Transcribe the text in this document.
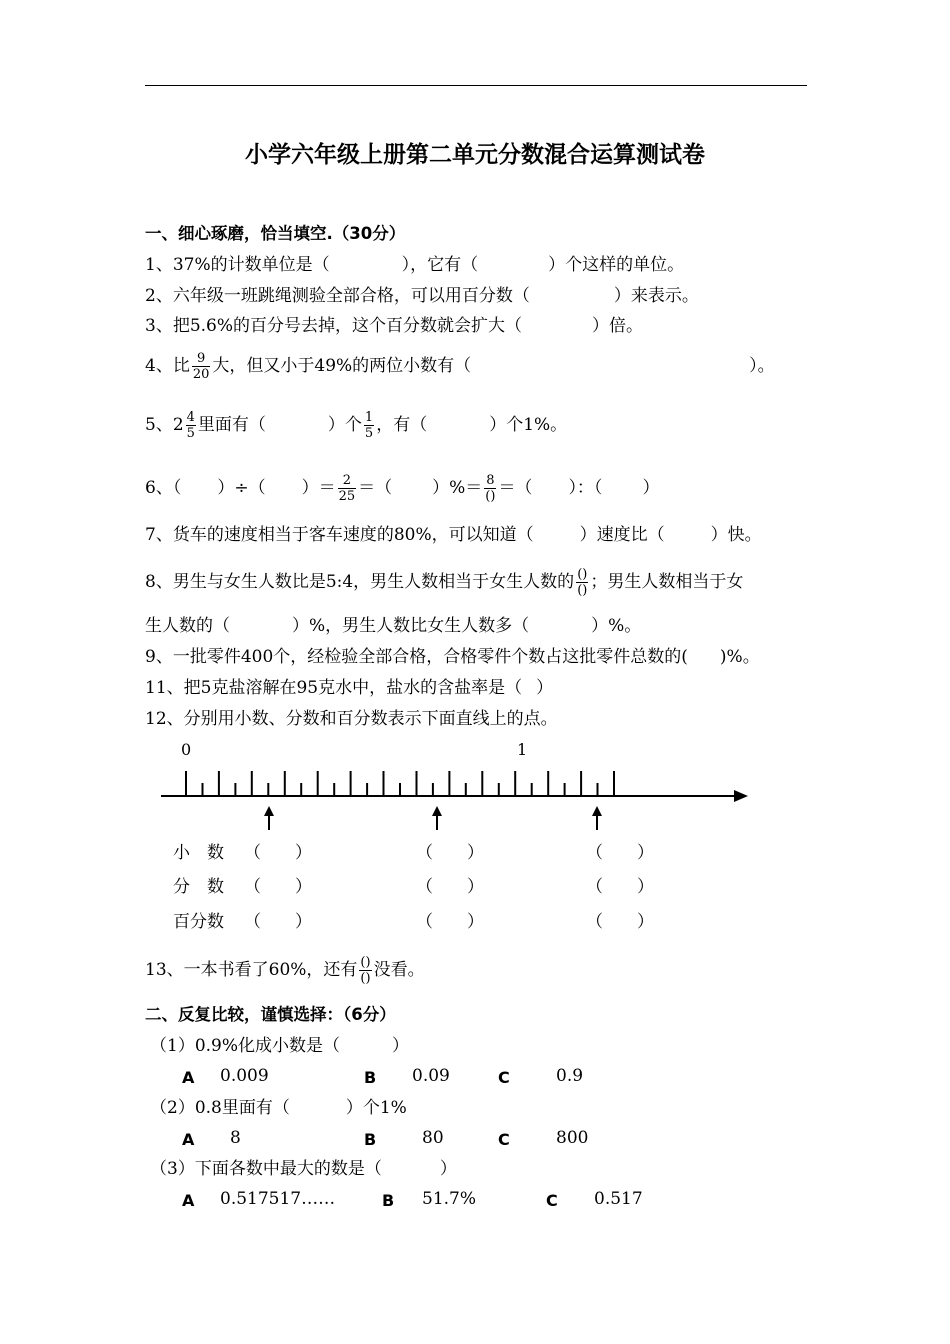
小学六年级上册第二单元分数混合运算测试卷
一、细心琢磨，恰当填空.（30分）
1、37%的计数单位是（	），它有（	）个这样的单位。
2、六年级一班跳绳测验全部合格，可以用百分数（	）来表示。
3、把5.6%的百分号去掉，这个百分数就会扩大（	）倍。
4、比 $\frac{9}{20}$ 大，但又小于49%的两位小数有（	）。
5、$2 \frac{4}{5}$ 里面有（	）个 $\frac{1}{5}$ ，有（	）个1%。
6、（ ）÷（ ）＝ $\frac{2}{25}$ ＝（ ）%＝ $\frac{8}{()}$ ＝（ ）：（ ）
7、货车的速度相当于客车速度的80%，可以知道（	）速度比（	）快。
8、男生与女生人数比是5:4，男生人数相当于女生人数的 $\frac{()}{()}$ ；男生人数相当于女
生人数的（	）%，男生人数比女生人数多（	）%。
9、一批零件400个，经检验全部合格，合格零件个数占这批零件总数的( )%。
11、把5克盐溶解在95克水中，盐水的含盐率是（ ）
12、分别用小数、分数和百分数表示下面直线上的点。
0	1
小　数 （　　）	（　　）	（　　）
分　数 （　　）	（　　）	（　　）
百分数 （　　）	（　　）	（　　）
13、一本书看了60%，还有 $\frac{()}{()}$ 没看。
二、反复比较，谨慎选择：（6分）
（1）0.9%化成小数是（	）
A 0.009	B 0.09	C	0.9
（2）0.8里面有（	）个1%
A 8	B	80	C	800
（3）下面各数中最大的数是（	）
A 0.517517……	B 51.7%	C 0.517
